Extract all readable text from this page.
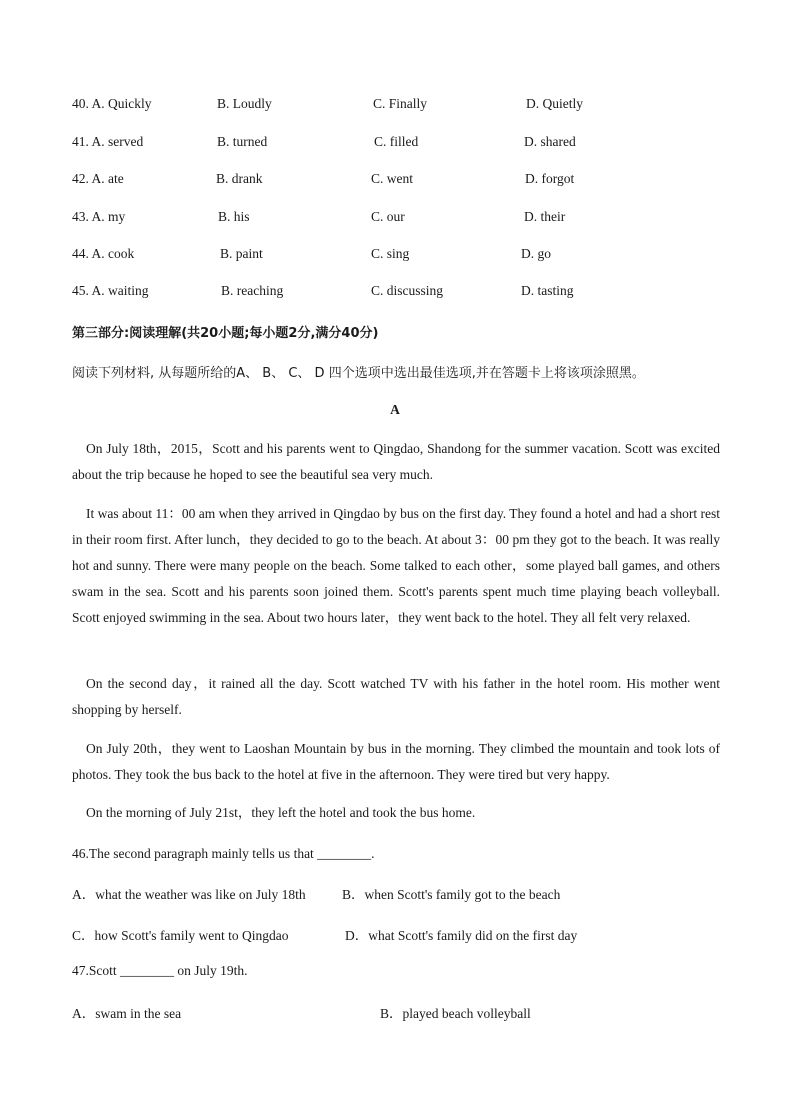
40. A. Quickly	B. Loudly	C. Finally	D. Quietly
41. A. served	B. turned	C. filled	D. shared
42. A. ate	B. drank	C. went	D. forgot
43. A. my	B. his	C. our	D. their
44. A. cook	B. paint	C. sing	D. go
45. A. waiting	B. reaching	C. discussing	D. tasting
第三部分:阅读理解(共20小题;每小题2分,满分40分)
阅读下列材料, 从每题所给的A、 B、 C、 D 四个选项中选出最佳选项,并在答题卡上将该项涂照黑。
A
On July 18th，2015，Scott and his parents went to Qingdao, Shandong for the summer vacation. Scott was excited about the trip because he hoped to see the beautiful sea very much.
It was about 11：00 am when they arrived in Qingdao by bus on the first day. They found a hotel and had a short rest in their room first. After lunch，they decided to go to the beach. At about 3：00 pm they got to the beach. It was really hot and sunny. There were many people on the beach. Some talked to each other，some played ball games, and others swam in the sea. Scott and his parents soon joined them. Scott's parents spent much time playing beach volleyball. Scott enjoyed swimming in the sea. About two hours later，they went back to the hotel. They all felt very relaxed.
On the second day，it rained all the day. Scott watched TV with his father in the hotel room. His mother went shopping by herself.
On July 20th，they went to Laoshan Mountain by bus in the morning. They climbed the mountain and took lots of photos. They took the bus back to the hotel at five in the afternoon. They were tired but very happy.
On the morning of July 21st，they left the hotel and took the bus home.
46.The second paragraph mainly tells us that ________.
A．what the weather was like on July 18th	B．when Scott's family got to the beach
C．how Scott's family went to Qingdao	D．what Scott's family did on the first day
47.Scott ________ on July 19th.
A．swam in the sea	B．played beach volleyball
